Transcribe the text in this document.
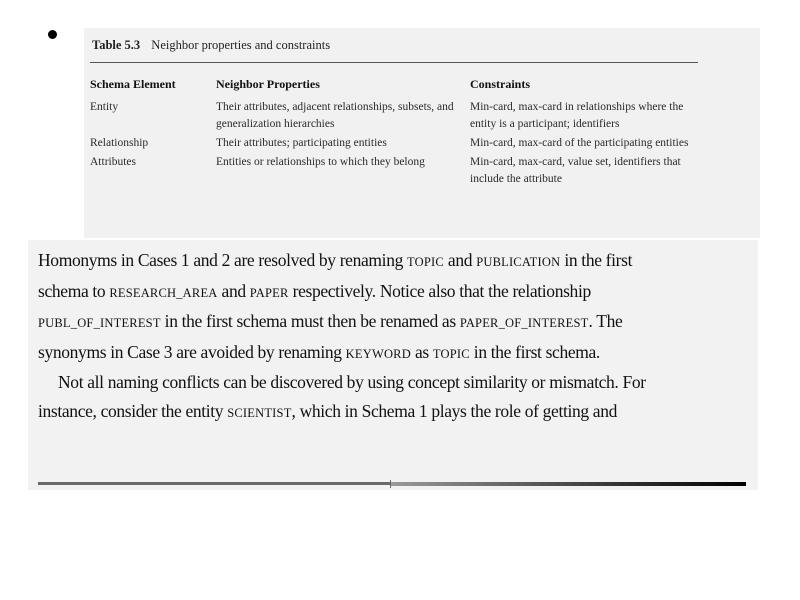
Table 5.3 Neighbor properties and constraints
Schema Element	Neighbor Properties	Constraints
Entity	Their attributes, adjacent relationships, subsets, and generalization hierarchies	Min-card, max-card in relationships where the entity is a participant; identifiers
Relationship	Their attributes; participating entities	Min-card, max-card of the participating entities
Attributes	Entities or relationships to which they belong	Min-card, max-card, value set, identifiers that include the attribute

Homonyms in Cases 1 and 2 are resolved by renaming TOPIC and PUBLICATION in the first schema to RESEARCH_AREA and PAPER respectively. Notice also that the relationship PUBL_OF_INTEREST in the first schema must then be renamed as PAPER_OF_INTEREST. The synonyms in Case 3 are avoided by renaming KEYWORD as TOPIC in the first schema.

Not all naming conflicts can be discovered by using concept similarity or mismatch. For instance, consider the entity SCIENTIST, which in Schema 1 plays the role of getting and
